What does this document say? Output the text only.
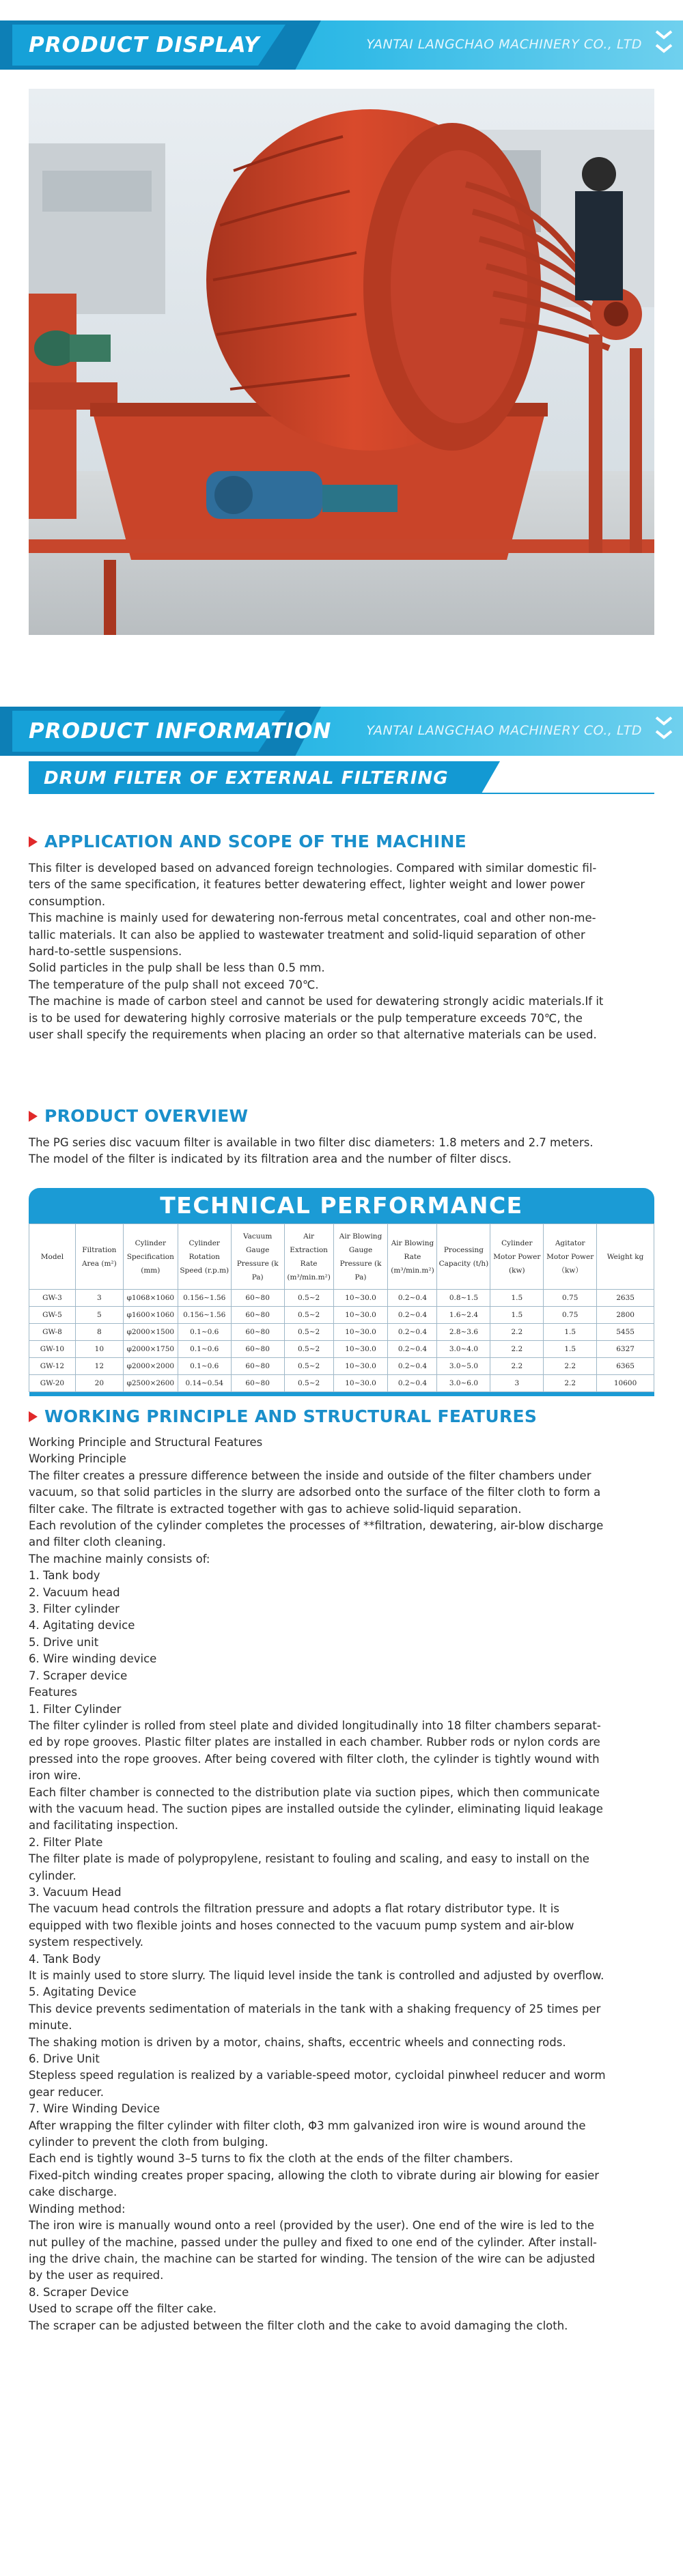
PRODUCT DISPLAY	YANTAI LANGCHAO MACHINERY CO., LTD
PRODUCT INFORMATION	YANTAI LANGCHAO MACHINERY CO., LTD
DRUM FILTER OF EXTERNAL FILTERING
APPLICATION AND SCOPE OF THE MACHINE

This filter is developed based on advanced foreign technologies. Compared with similar domestic fil-

ters of the same specification, it features better dewatering effect, lighter weight and lower power

consumption.

This machine is mainly used for dewatering non-ferrous metal concentrates, coal and other non-me-

tallic materials. It can also be applied to wastewater treatment and solid-liquid separation of other

hard-to-settle suspensions.

Solid particles in the pulp shall be less than 0.5 mm.

The temperature of the pulp shall not exceed 70℃.

The machine is made of carbon steel and cannot be used for dewatering strongly acidic materials.If it

is to be used for dewatering highly corrosive materials or the pulp temperature exceeds 70℃, the

user shall specify the requirements when placing an order so that alternative materials can be used.

PRODUCT OVERVIEW

The PG series disc vacuum filter is available in two filter disc diameters: 1.8 meters and 2.7 meters.

The model of the filter is indicated by its filtration area and the number of filter discs.

TECHNICAL PERFORMANCE
Model	Filtration Area (m²)	Cylinder Specification (mm)	Cylinder Rotation Speed (r.p.m)	Vacuum Gauge Pressure (k Pa)	Air Extraction Rate (m³/min.m²)	Air Blowing Gauge Pressure (k Pa)	Air Blowing Rate (m³/min.m²)	Processing Capacity (t/h)	Cylinder Motor Power (kw)	Agitator Motor Power（kw）	Weight kg
GW-3	3	φ1068×1060	0.156~1.56	60~80	0.5~2	10~30.0	0.2~0.4	0.8~1.5	1.5	0.75	2635
GW-5	5	φ1600×1060	0.156~1.56	60~80	0.5~2	10~30.0	0.2~0.4	1.6~2.4	1.5	0.75	2800
GW-8	8	φ2000×1500	0.1~0.6	60~80	0.5~2	10~30.0	0.2~0.4	2.8~3.6	2.2	1.5	5455
GW-10	10	φ2000×1750	0.1~0.6	60~80	0.5~2	10~30.0	0.2~0.4	3.0~4.0	2.2	1.5	6327
GW-12	12	φ2000×2000	0.1~0.6	60~80	0.5~2	10~30.0	0.2~0.4	3.0~5.0	2.2	2.2	6365
GW-20	20	φ2500×2600	0.14~0.54	60~80	0.5~2	10~30.0	0.2~0.4	3.0~6.0	3	2.2	10600

WORKING PRINCIPLE AND STRUCTURAL FEATURES

Working Principle and Structural Features

Working Principle

The filter creates a pressure difference between the inside and outside of the filter chambers under

vacuum, so that solid particles in the slurry are adsorbed onto the surface of the filter cloth to form a

filter cake. The filtrate is extracted together with gas to achieve solid-liquid separation.

Each revolution of the cylinder completes the processes of **filtration, dewatering, air-blow discharge

and filter cloth cleaning.

The machine mainly consists of:

1. Tank body

2. Vacuum head

3. Filter cylinder

4. Agitating device

5. Drive unit

6. Wire winding device

7. Scraper device

Features

1. Filter Cylinder

The filter cylinder is rolled from steel plate and divided longitudinally into 18 filter chambers separat-

ed by rope grooves. Plastic filter plates are installed in each chamber. Rubber rods or nylon cords are

pressed into the rope grooves. After being covered with filter cloth, the cylinder is tightly wound with

iron wire.

Each filter chamber is connected to the distribution plate via suction pipes, which then communicate

with the vacuum head. The suction pipes are installed outside the cylinder, eliminating liquid leakage

and facilitating inspection.

2. Filter Plate

The filter plate is made of polypropylene, resistant to fouling and scaling, and easy to install on the

cylinder.

3. Vacuum Head

The vacuum head controls the filtration pressure and adopts a flat rotary distributor type. It is

equipped with two flexible joints and hoses connected to the vacuum pump system and air-blow

system respectively.

4. Tank Body

It is mainly used to store slurry. The liquid level inside the tank is controlled and adjusted by overflow.

5. Agitating Device

This device prevents sedimentation of materials in the tank with a shaking frequency of 25 times per

minute.

The shaking motion is driven by a motor, chains, shafts, eccentric wheels and connecting rods.

6. Drive Unit

Stepless speed regulation is realized by a variable-speed motor, cycloidal pinwheel reducer and worm

gear reducer.

7. Wire Winding Device

After wrapping the filter cylinder with filter cloth, Φ3 mm galvanized iron wire is wound around the

cylinder to prevent the cloth from bulging.

Each end is tightly wound 3–5 turns to fix the cloth at the ends of the filter chambers.

Fixed-pitch winding creates proper spacing, allowing the cloth to vibrate during air blowing for easier

cake discharge.

Winding method:

The iron wire is manually wound onto a reel (provided by the user). One end of the wire is led to the

nut pulley of the machine, passed under the pulley and fixed to one end of the cylinder. After install-

ing the drive chain, the machine can be started for winding. The tension of the wire can be adjusted

by the user as required.

8. Scraper Device

Used to scrape off the filter cake.

The scraper can be adjusted between the filter cloth and the cake to avoid damaging the cloth.
